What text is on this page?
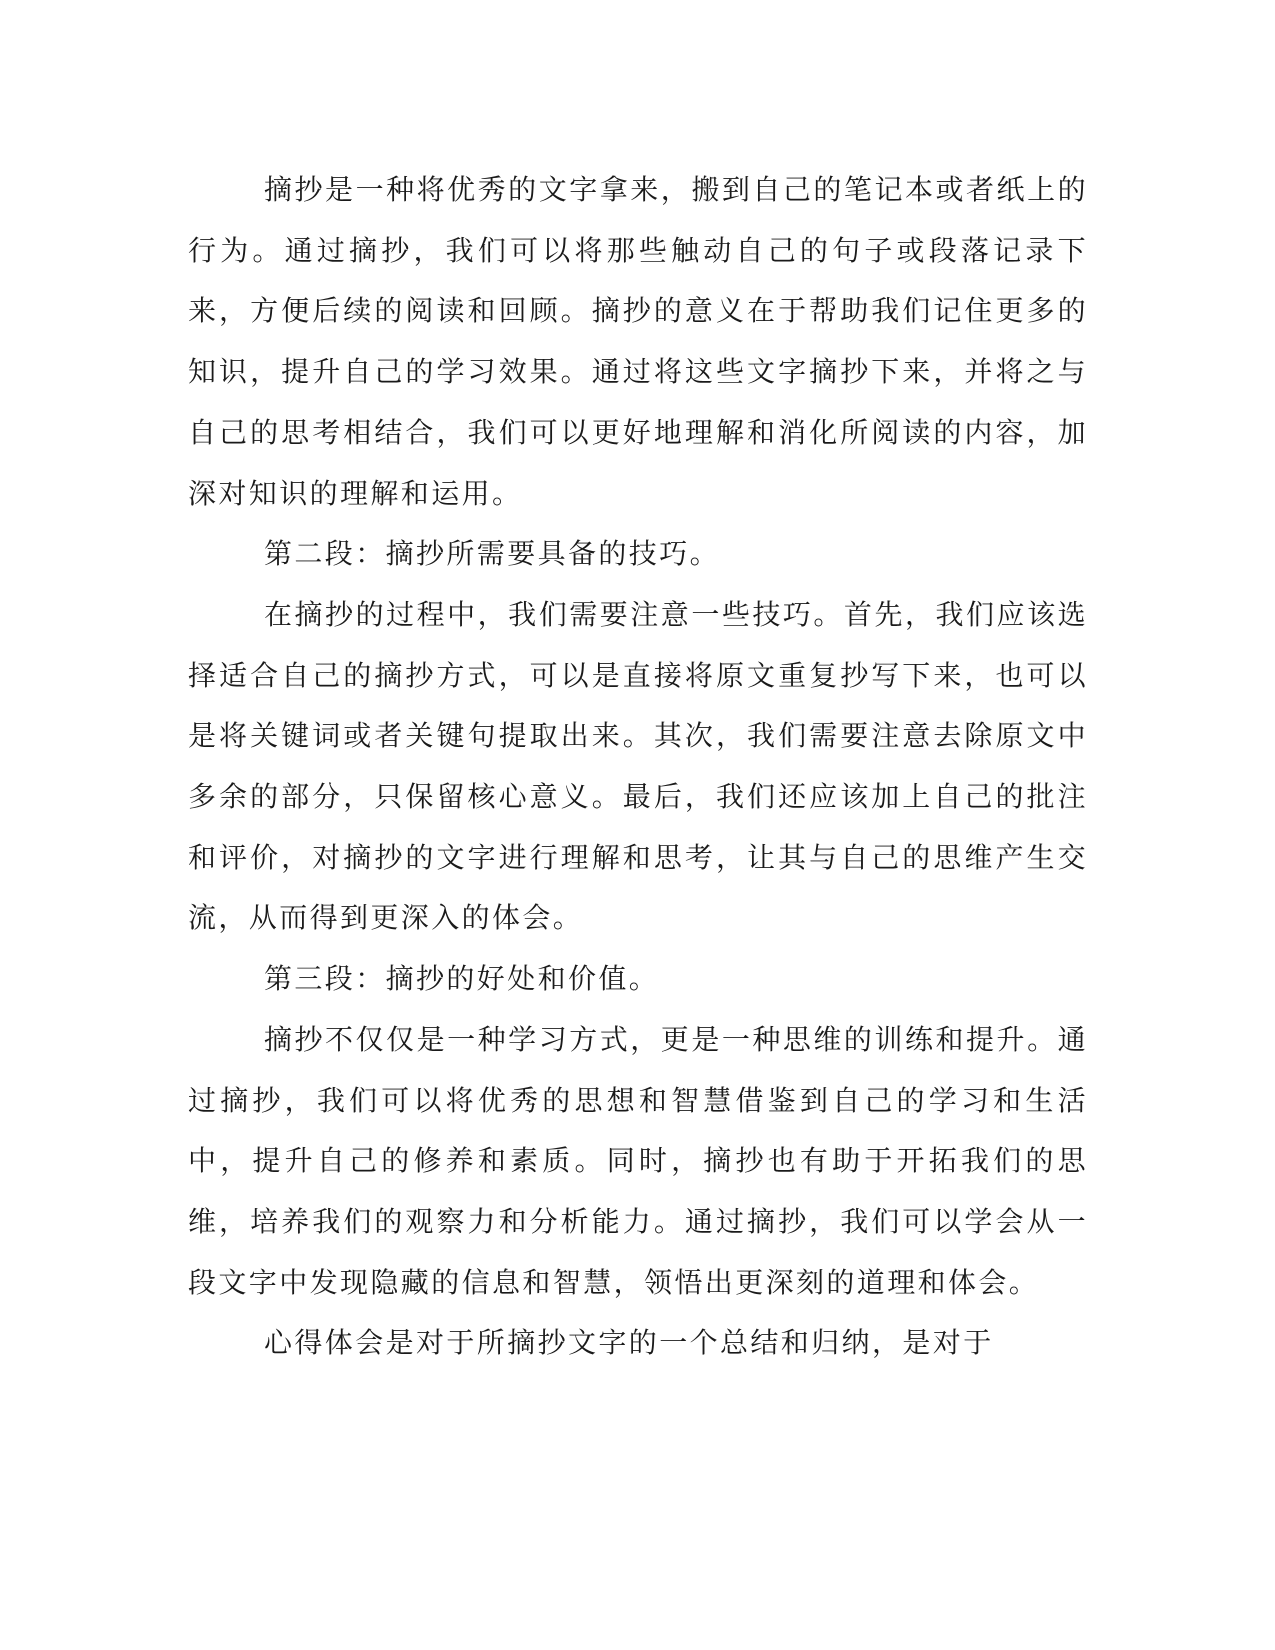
摘抄是一种将优秀的文字拿来，搬到自己的笔记本或者纸上的行为。通过摘抄，我们可以将那些触动自己的句子或段落记录下来，方便后续的阅读和回顾。摘抄的意义在于帮助我们记住更多的知识，提升自己的学习效果。通过将这些文字摘抄下来，并将之与自己的思考相结合，我们可以更好地理解和消化所阅读的内容，加深对知识的理解和运用。

第二段：摘抄所需要具备的技巧。

在摘抄的过程中，我们需要注意一些技巧。首先，我们应该选择适合自己的摘抄方式，可以是直接将原文重复抄写下来，也可以是将关键词或者关键句提取出来。其次，我们需要注意去除原文中多余的部分，只保留核心意义。最后，我们还应该加上自己的批注和评价，对摘抄的文字进行理解和思考，让其与自己的思维产生交流，从而得到更深入的体会。

第三段：摘抄的好处和价值。

摘抄不仅仅是一种学习方式，更是一种思维的训练和提升。通过摘抄，我们可以将优秀的思想和智慧借鉴到自己的学习和生活中，提升自己的修养和素质。同时，摘抄也有助于开拓我们的思维，培养我们的观察力和分析能力。通过摘抄，我们可以学会从一段文字中发现隐藏的信息和智慧，领悟出更深刻的道理和体会。

心得体会是对于所摘抄文字的一个总结和归纳，是对于
